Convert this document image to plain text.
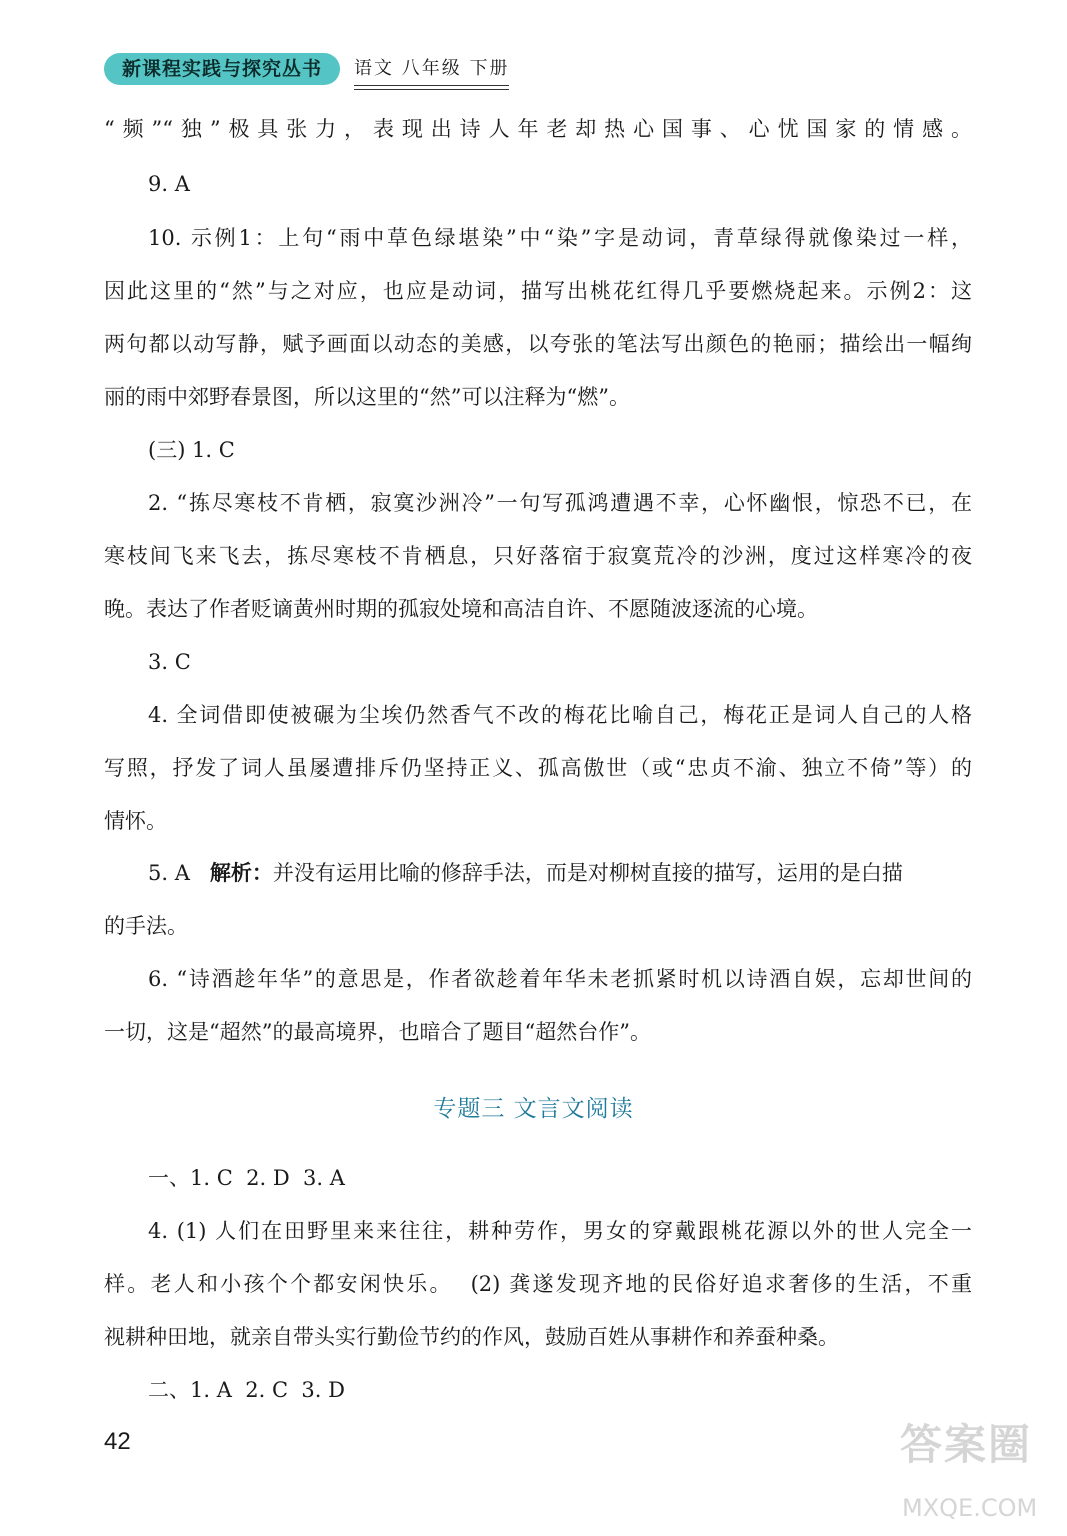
新课程实践与探究丛书	语文 八年级 下册
“频”“独”极具张力，表现出诗人年老却热心国事、心忧国家的情感。
9. A
10. 示例1：上句“雨中草色绿堪染”中“染”字是动词，青草绿得就像染过一样，
因此这里的“然”与之对应，也应是动词，描写出桃花红得几乎要燃烧起来。示例2：这
两句都以动写静，赋予画面以动态的美感，以夸张的笔法写出颜色的艳丽；描绘出一幅绚
丽的雨中郊野春景图，所以这里的“然”可以注释为“燃”。
(三) 1. C
2. “拣尽寒枝不肯栖，寂寞沙洲冷”一句写孤鸿遭遇不幸，心怀幽恨，惊恐不已，在
寒枝间飞来飞去，拣尽寒枝不肯栖息，只好落宿于寂寞荒冷的沙洲，度过这样寒冷的夜
晚。表达了作者贬谪黄州时期的孤寂处境和高洁自许、不愿随波逐流的心境。
3. C
4. 全词借即使被碾为尘埃仍然香气不改的梅花比喻自己，梅花正是词人自己的人格
写照，抒发了词人虽屡遭排斥仍坚持正义、孤高傲世（或“忠贞不渝、独立不倚”等）的
情怀。
5. A 解析：并没有运用比喻的修辞手法，而是对柳树直接的描写，运用的是白描
的手法。
6. “诗酒趁年华”的意思是，作者欲趁着年华未老抓紧时机以诗酒自娱，忘却世间的
一切，这是“超然”的最高境界，也暗合了题目“超然台作”。
专题三 文言文阅读
一、1. C  2. D  3. A
4. (1) 人们在田野里来来往往，耕种劳作，男女的穿戴跟桃花源以外的世人完全一
样。老人和小孩个个都安闲快乐。  (2) 龚遂发现齐地的民俗好追求奢侈的生活，不重
视耕种田地，就亲自带头实行勤俭节约的作风，鼓励百姓从事耕作和养蚕种桑。
二、1. A  2. C  3. D
42	答案圈
MXQE.COM
